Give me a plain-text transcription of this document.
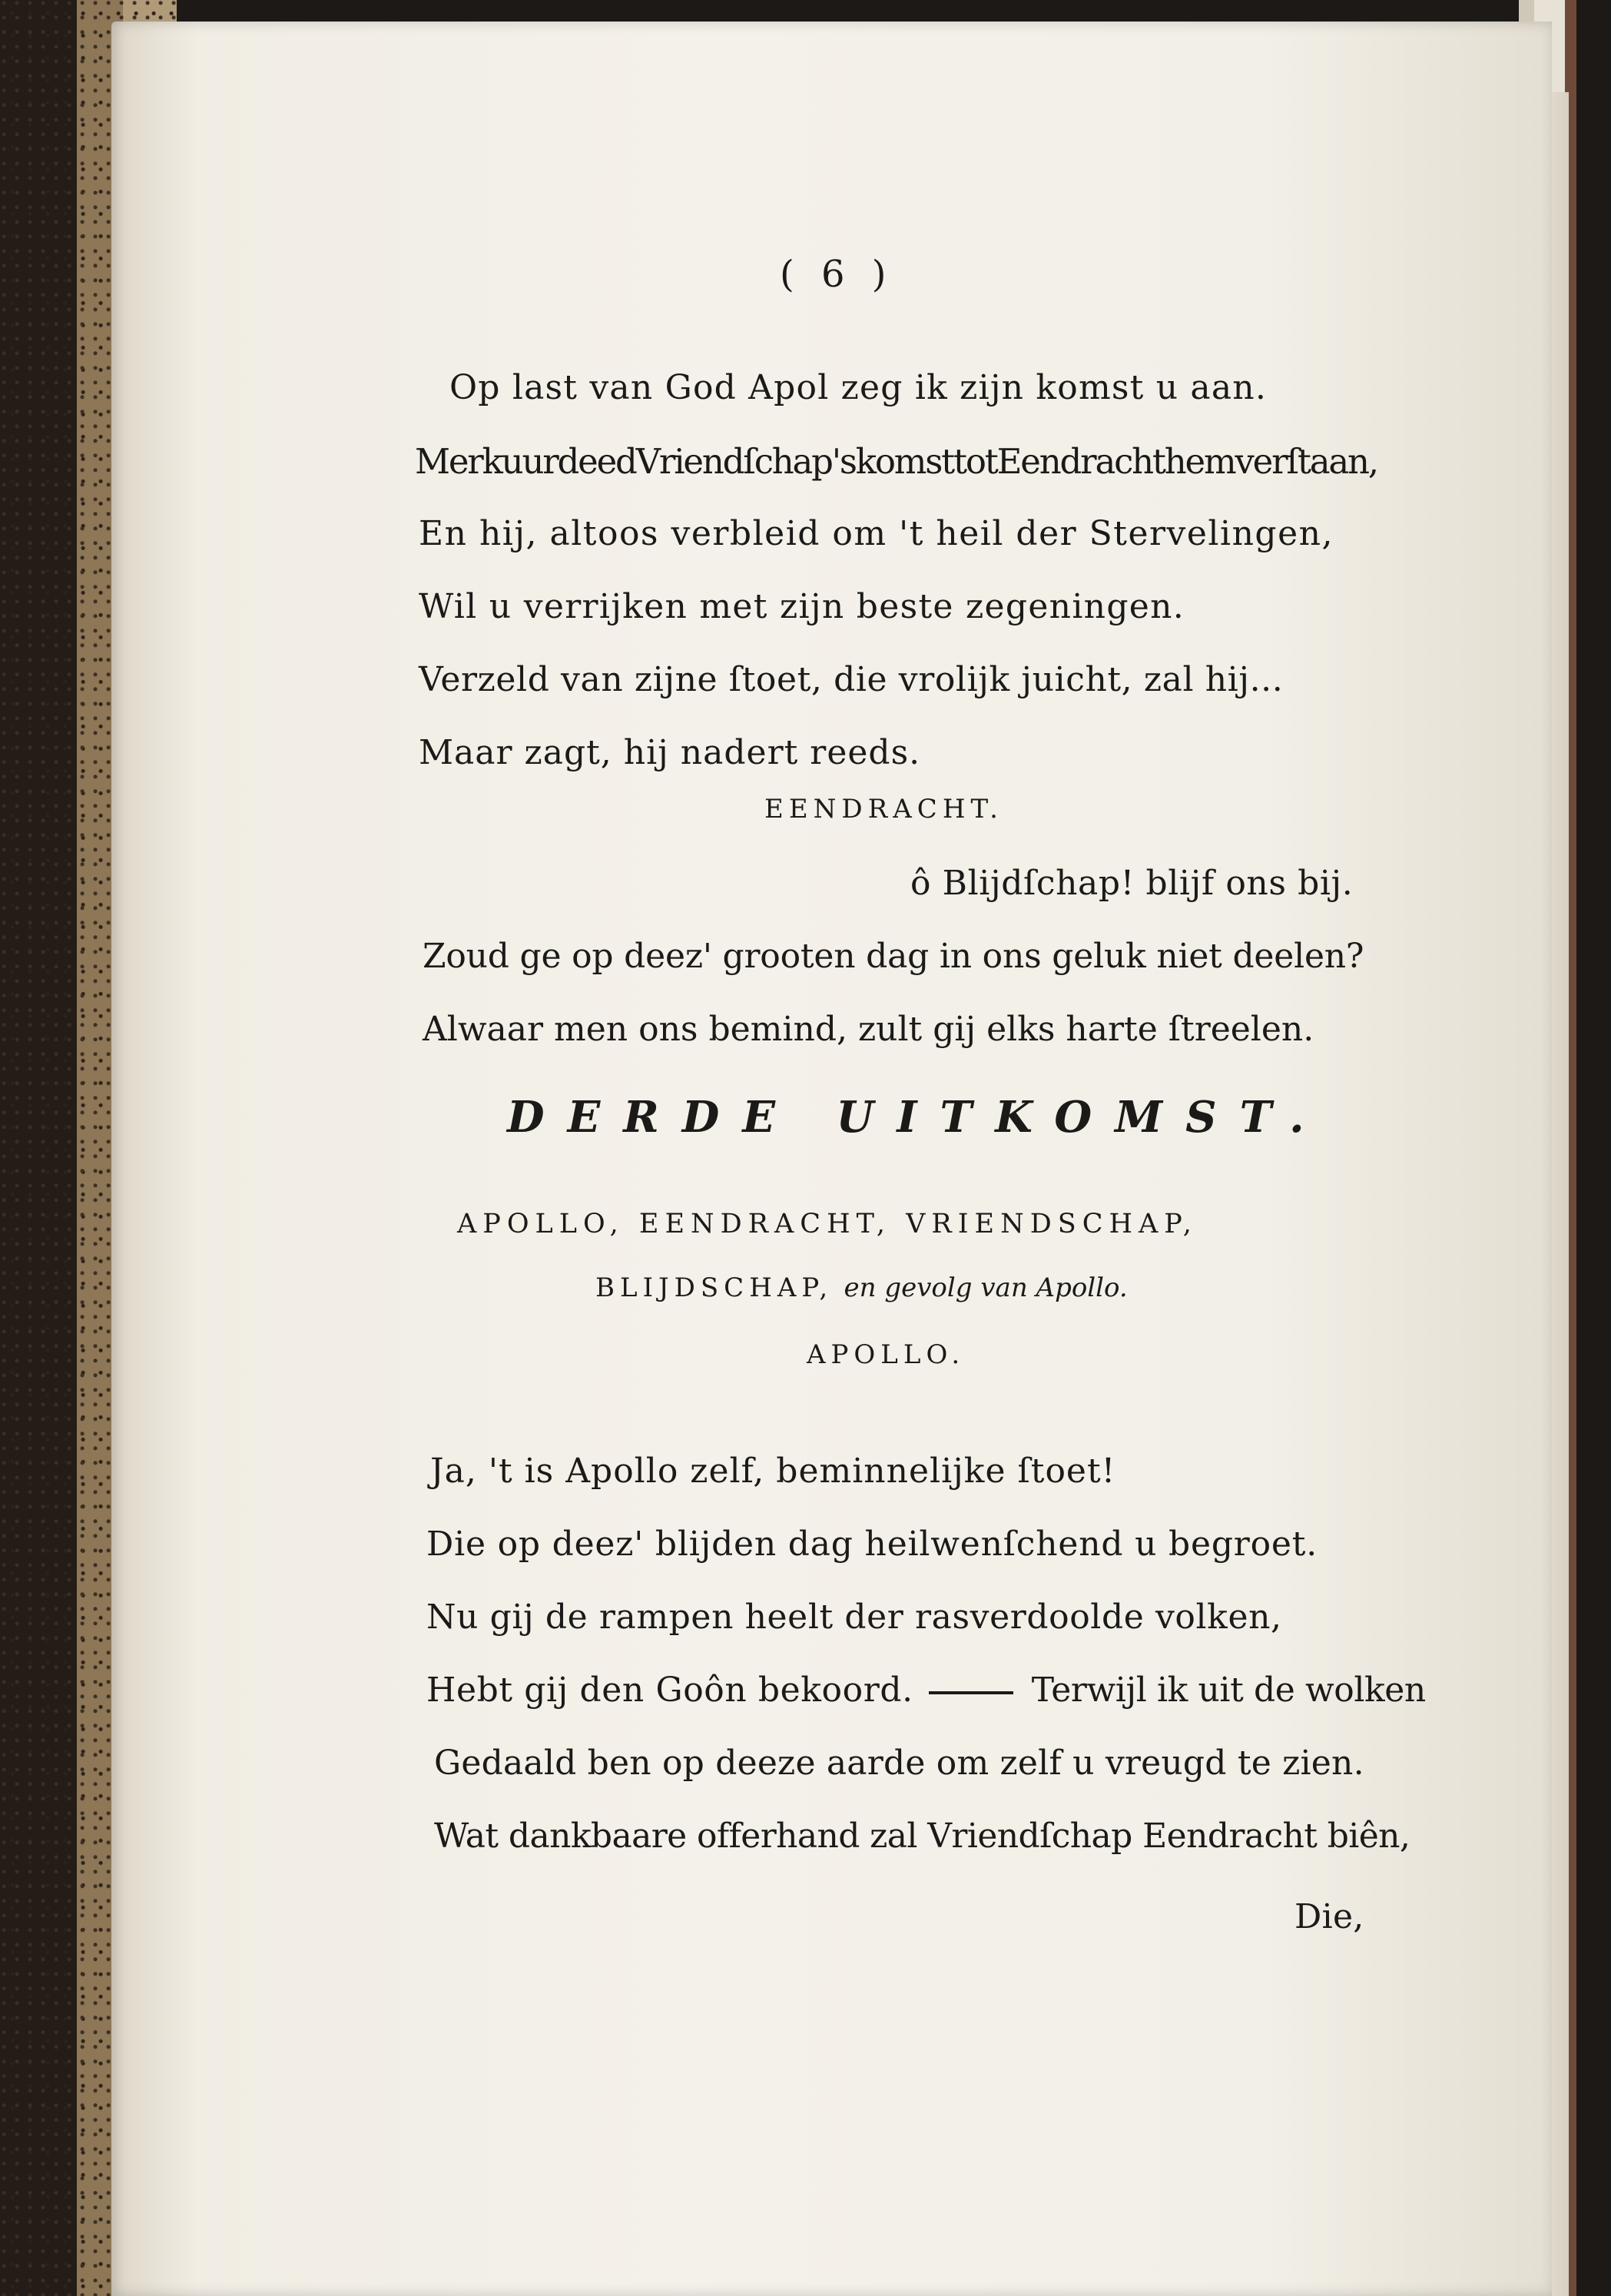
( 6 )
Op last van God Apol zeg ik zijn komst u aan.
MerkuurdeedVriendſchap'skomsttotEendrachthemverſtaan,
En hij, altoos verbleid om 't heil der Stervelingen,
Wil u verrijken met zijn beste zegeningen.
Verzeld van zijne ſtoet, die vrolijk juicht, zal hij...
Maar zagt, hij nadert reeds.
EENDRACHT.
ô Blijdſchap! blijf ons bij.
Zoud ge op deez' grooten dag in ons geluk niet deelen?
Alwaar men ons bemind, zult gij elks harte ſtreelen.
DERDE UITKOMST.
APOLLO, EENDRACHT, VRIENDSCHAP,
BLIJDSCHAP, en gevolg van Apollo.
APOLLO.
Ja, 't is Apollo zelf, beminnelijke ſtoet!
Die op deez' blijden dag heilwenſchend u begroet.
Nu gij de rampen heelt der rasverdoolde volken,
Hebt gij den Goôn bekoord.	Terwijl ik uit de wolken
Gedaald ben op deeze aarde om zelf u vreugd te zien.
Wat dankbaare offerhand zal Vriendſchap Eendracht biên,
Die,
